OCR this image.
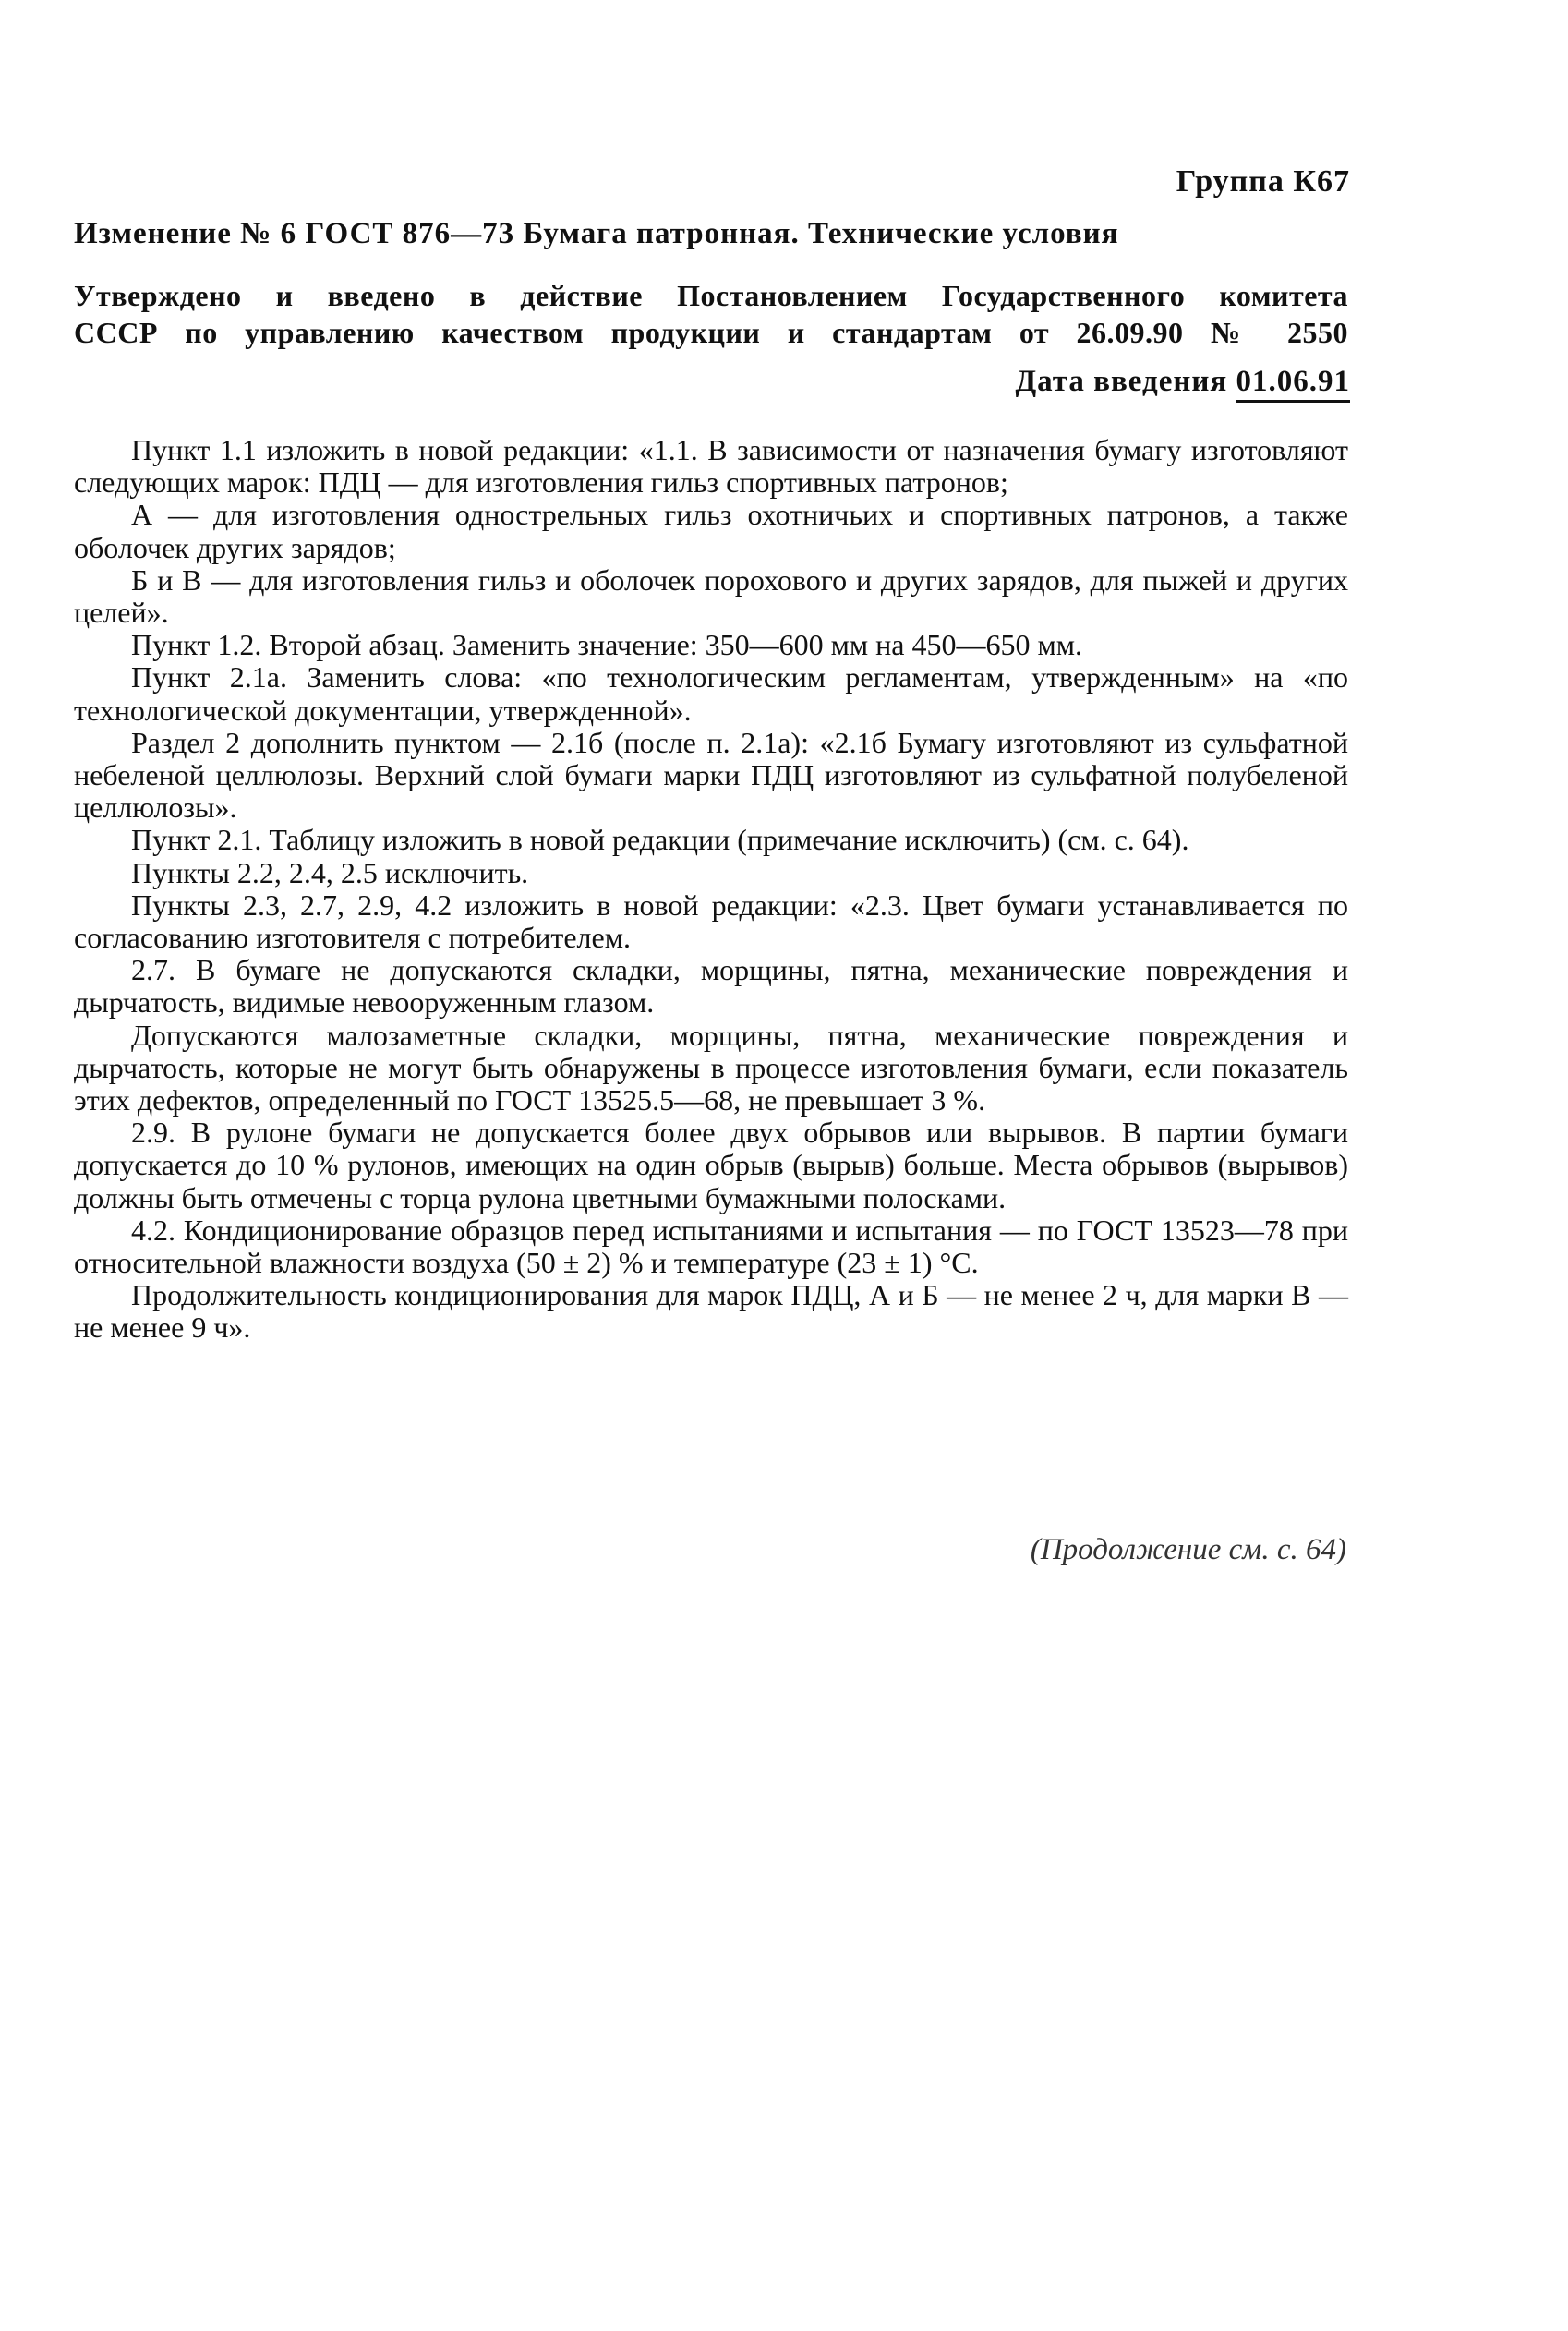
Группа К67
Изменение № 6 ГОСТ 876—73 Бумага патронная. Технические условия
Утверждено и введено в действие Постановлением Государственного комитета
СССР по управлению качеством продукции и стандартам от 26.09.90 № 2550
Дата введения 01.06.91

Пункт 1.1 изложить в новой редакции: «1.1. В зависимости от назначения бумагу изготовляют следующих марок: ПДЦ — для изготовления гильз спортивных патронов;

А — для изготовления однострельных гильз охотничьих и спортивных патронов, а также оболочек других зарядов;

Б и В — для изготовления гильз и оболочек порохового и других зарядов, для пыжей и других целей».

Пункт 1.2. Второй абзац. Заменить значение: 350—600 мм на 450—650 мм.

Пункт 2.1а. Заменить слова: «по технологическим регламентам, утвержденным» на «по технологической документации, утвержденной».

Раздел 2 дополнить пунктом — 2.1б (после п. 2.1а): «2.1б Бумагу изготовляют из сульфатной небеленой целлюлозы. Верхний слой бумаги марки ПДЦ изготовляют из сульфатной полубеленой целлюлозы».

Пункт 2.1. Таблицу изложить в новой редакции (примечание исключить) (см. с. 64).

Пункты 2.2, 2.4, 2.5 исключить.

Пункты 2.3, 2.7, 2.9, 4.2 изложить в новой редакции: «2.3. Цвет бумаги устанавливается по согласованию изготовителя с потребителем.

2.7. В бумаге не допускаются складки, морщины, пятна, механические повреждения и дырчатость, видимые невооруженным глазом.

Допускаются малозаметные складки, морщины, пятна, механические повреждения и дырчатость, которые не могут быть обнаружены в процессе изготовления бумаги, если показатель этих дефектов, определенный по ГОСТ 13525.5—68, не превышает 3 %.

2.9. В рулоне бумаги не допускается более двух обрывов или вырывов. В партии бумаги допускается до 10 % рулонов, имеющих на один обрыв (вырыв) больше. Места обрывов (вырывов) должны быть отмечены с торца рулона цветными бумажными полосками.

4.2. Кондиционирование образцов перед испытаниями и испытания — по ГОСТ 13523—78 при относительной влажности воздуха (50 ± 2) % и температуре (23 ± 1) °С.

Продолжительность кондиционирования для марок ПДЦ, А и Б — не менее 2 ч, для марки В — не менее 9 ч».

(Продолжение см. с. 64)
